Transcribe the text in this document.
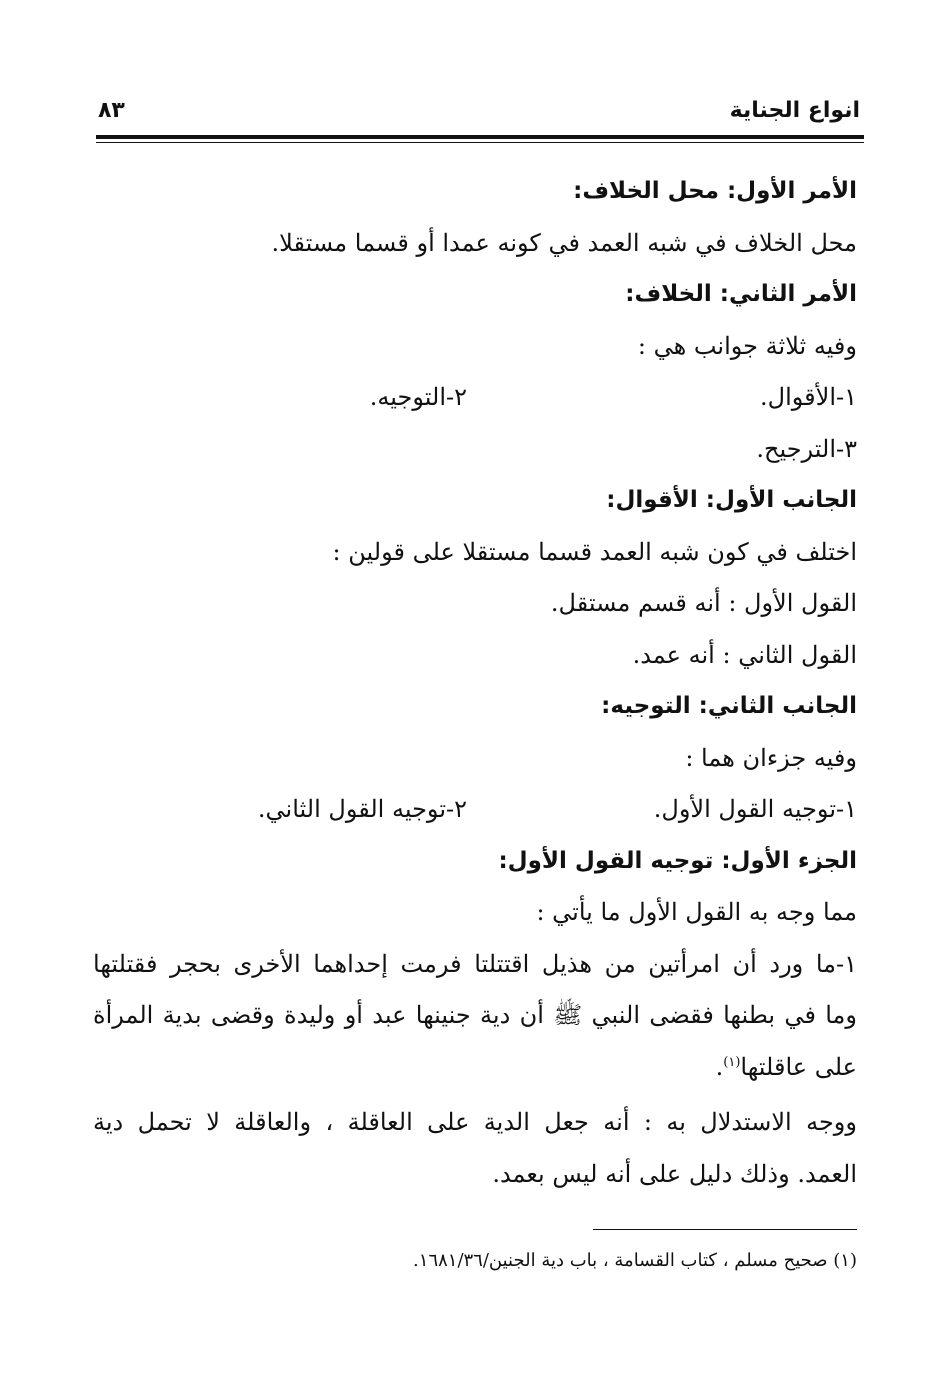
انواع الجناية
٨٣
الأمر الأول: محل الخلاف:
محل الخلاف في شبه العمد في كونه عمدا أو قسما مستقلا.
الأمر الثاني: الخلاف:
وفيه ثلاثة جوانب هي :
١-الأقوال.
٢-التوجيه.
٣-الترجيح.
الجانب الأول: الأقوال:
اختلف في كون شبه العمد قسما مستقلا على قولين :
القول الأول : أنه قسم مستقل.
القول الثاني : أنه عمد.
الجانب الثاني: التوجيه:
وفيه جزءان هما :
١-توجيه القول الأول.
٢-توجيه القول الثاني.
الجزء الأول: توجيه القول الأول:
مما وجه به القول الأول ما يأتي :
١-ما ورد أن امرأتين من هذيل اقتتلتا فرمت إحداهما الأخرى بحجر فقتلتها
وما في بطنها فقضى النبي ﷺ أن دية جنينها عبد أو وليدة وقضى بدية المرأة
على عاقلتها$^{(١)}$.
ووجه الاستدلال به : أنه جعل الدية على العاقلة ، والعاقلة لا تحمل دية
العمد. وذلك دليل على أنه ليس بعمد.
(١) صحيح مسلم ، كتاب القسامة ، باب دية الجنين/١٦٨١/٣٦.
